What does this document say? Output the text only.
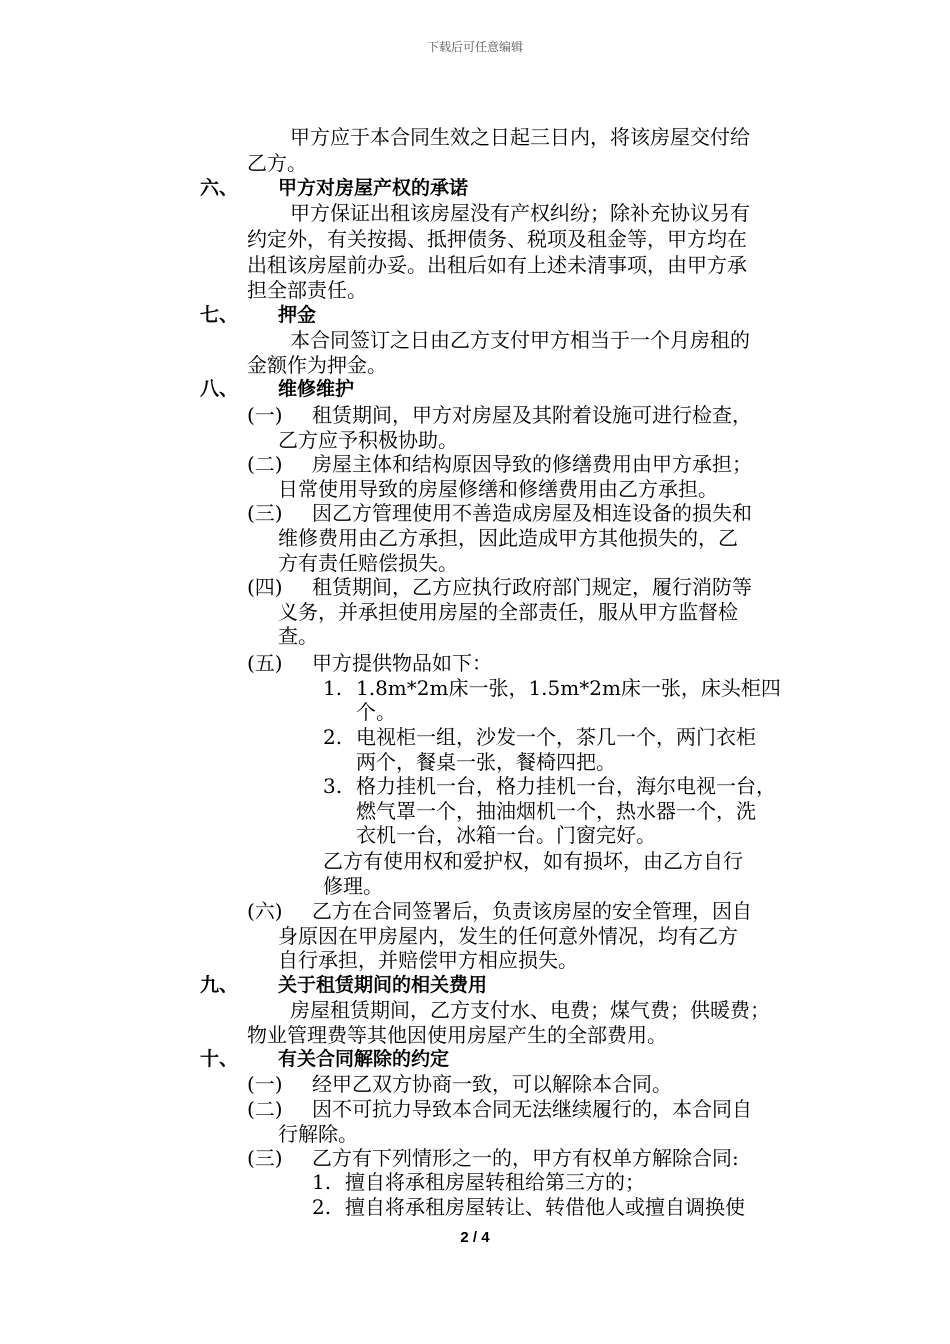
下载后可任意编辑
甲方应于本合同生效之日起三日内，将该房屋交付给
乙方。
六、 甲方对房屋产权的承诺
甲方保证出租该房屋没有产权纠纷；除补充协议另有
约定外，有关按揭、抵押债务、税项及租金等，甲方均在
出租该房屋前办妥。出租后如有上述未清事项，由甲方承
担全部责任。
七、 押金
本合同签订之日由乙方支付甲方相当于一个月房租的
金额作为押金。
八、 维修维护
(一) 租赁期间，甲方对房屋及其附着设施可进行检查，
乙方应予积极协助。
(二) 房屋主体和结构原因导致的修缮费用由甲方承担；
日常使用导致的房屋修缮和修缮费用由乙方承担。
(三) 因乙方管理使用不善造成房屋及相连设备的损失和
维修费用由乙方承担，因此造成甲方其他损失的，乙
方有责任赔偿损失。
(四) 租赁期间，乙方应执行政府部门规定，履行消防等
义务，并承担使用房屋的全部责任，服从甲方监督检
查。
(五) 甲方提供物品如下：
1. 1.8m*2m床一张，1.5m*2m床一张，床头柜四
个。
2. 电视柜一组，沙发一个，茶几一个，两门衣柜
两个，餐桌一张，餐椅四把。
3. 格力挂机一台，格力挂机一台，海尔电视一台，
燃气罩一个，抽油烟机一个，热水器一个，洗
衣机一台，冰箱一台。门窗完好。
乙方有使用权和爱护权，如有损坏，由乙方自行
修理。
(六) 乙方在合同签署后，负责该房屋的安全管理，因自
身原因在甲房屋内，发生的任何意外情况，均有乙方
自行承担，并赔偿甲方相应损失。
九、 关于租赁期间的相关费用
房屋租赁期间，乙方支付水、电费；煤气费；供暖费；
物业管理费等其他因使用房屋产生的全部费用。
十、 有关合同解除的约定
(一) 经甲乙双方协商一致，可以解除本合同。
(二) 因不可抗力导致本合同无法继续履行的，本合同自
行解除。
(三) 乙方有下列情形之一的，甲方有权单方解除合同:
1. 擅自将承租房屋转租给第三方的；
2. 擅自将承租房屋转让、转借他人或擅自调换使
2 / 4
